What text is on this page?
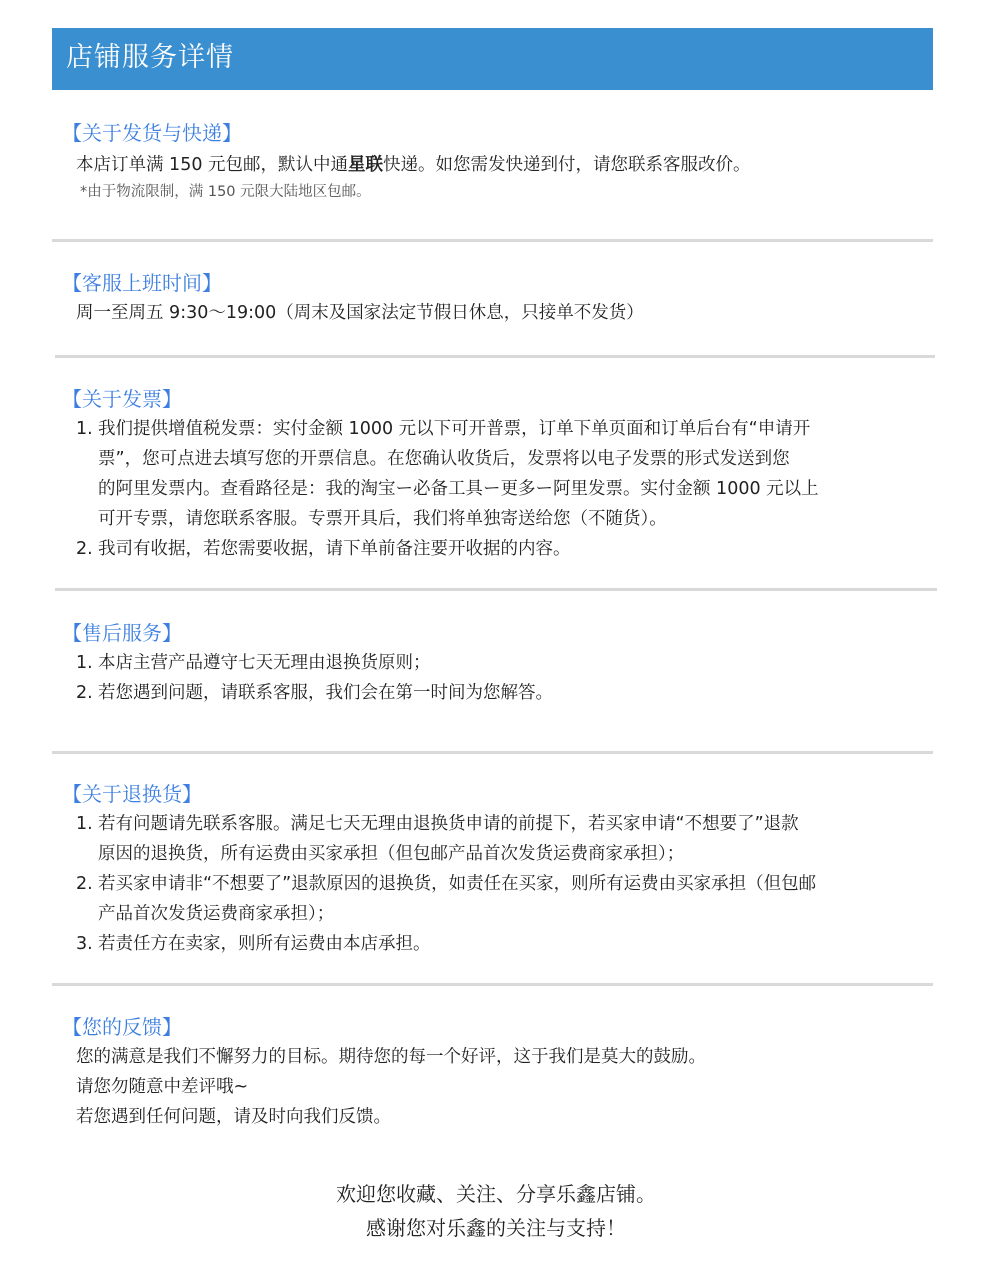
店铺服务详情
【关于发货与快递】
本店订单满 150 元包邮，默认中通星联快递。如您需发快递到付，请您联系客服改价。
*由于物流限制，满 150 元限大陆地区包邮。
【客服上班时间】
周一至周五 9:30～19:00（周末及国家法定节假日休息，只接单不发货）
【关于发票】
1. 我们提供增值税发票：实付金额 1000 元以下可开普票，订单下单页面和订单后台有“申请开
票”，您可点进去填写您的开票信息。在您确认收货后，发票将以电子发票的形式发送到您
的阿里发票内。查看路径是：我的淘宝ー必备工具ー更多ー阿里发票。实付金额 1000 元以上
可开专票，请您联系客服。专票开具后，我们将单独寄送给您（不随货）。
2. 我司有收据，若您需要收据，请下单前备注要开收据的内容。
【售后服务】
1. 本店主营产品遵守七天无理由退换货原则；
2. 若您遇到问题，请联系客服，我们会在第一时间为您解答。
【关于退换货】
1. 若有问题请先联系客服。满足七天无理由退换货申请的前提下，若买家申请“不想要了”退款
原因的退换货，所有运费由买家承担（但包邮产品首次发货运费商家承担）；
2. 若买家申请非“不想要了”退款原因的退换货，如责任在买家，则所有运费由买家承担（但包邮
产品首次发货运费商家承担）；
3. 若责任方在卖家，则所有运费由本店承担。
【您的反馈】
您的满意是我们不懈努力的目标。期待您的每一个好评，这于我们是莫大的鼓励。
请您勿随意中差评哦~
若您遇到任何问题，请及时向我们反馈。
欢迎您收藏、关注、分享乐鑫店铺。
感谢您对乐鑫的关注与支持！
